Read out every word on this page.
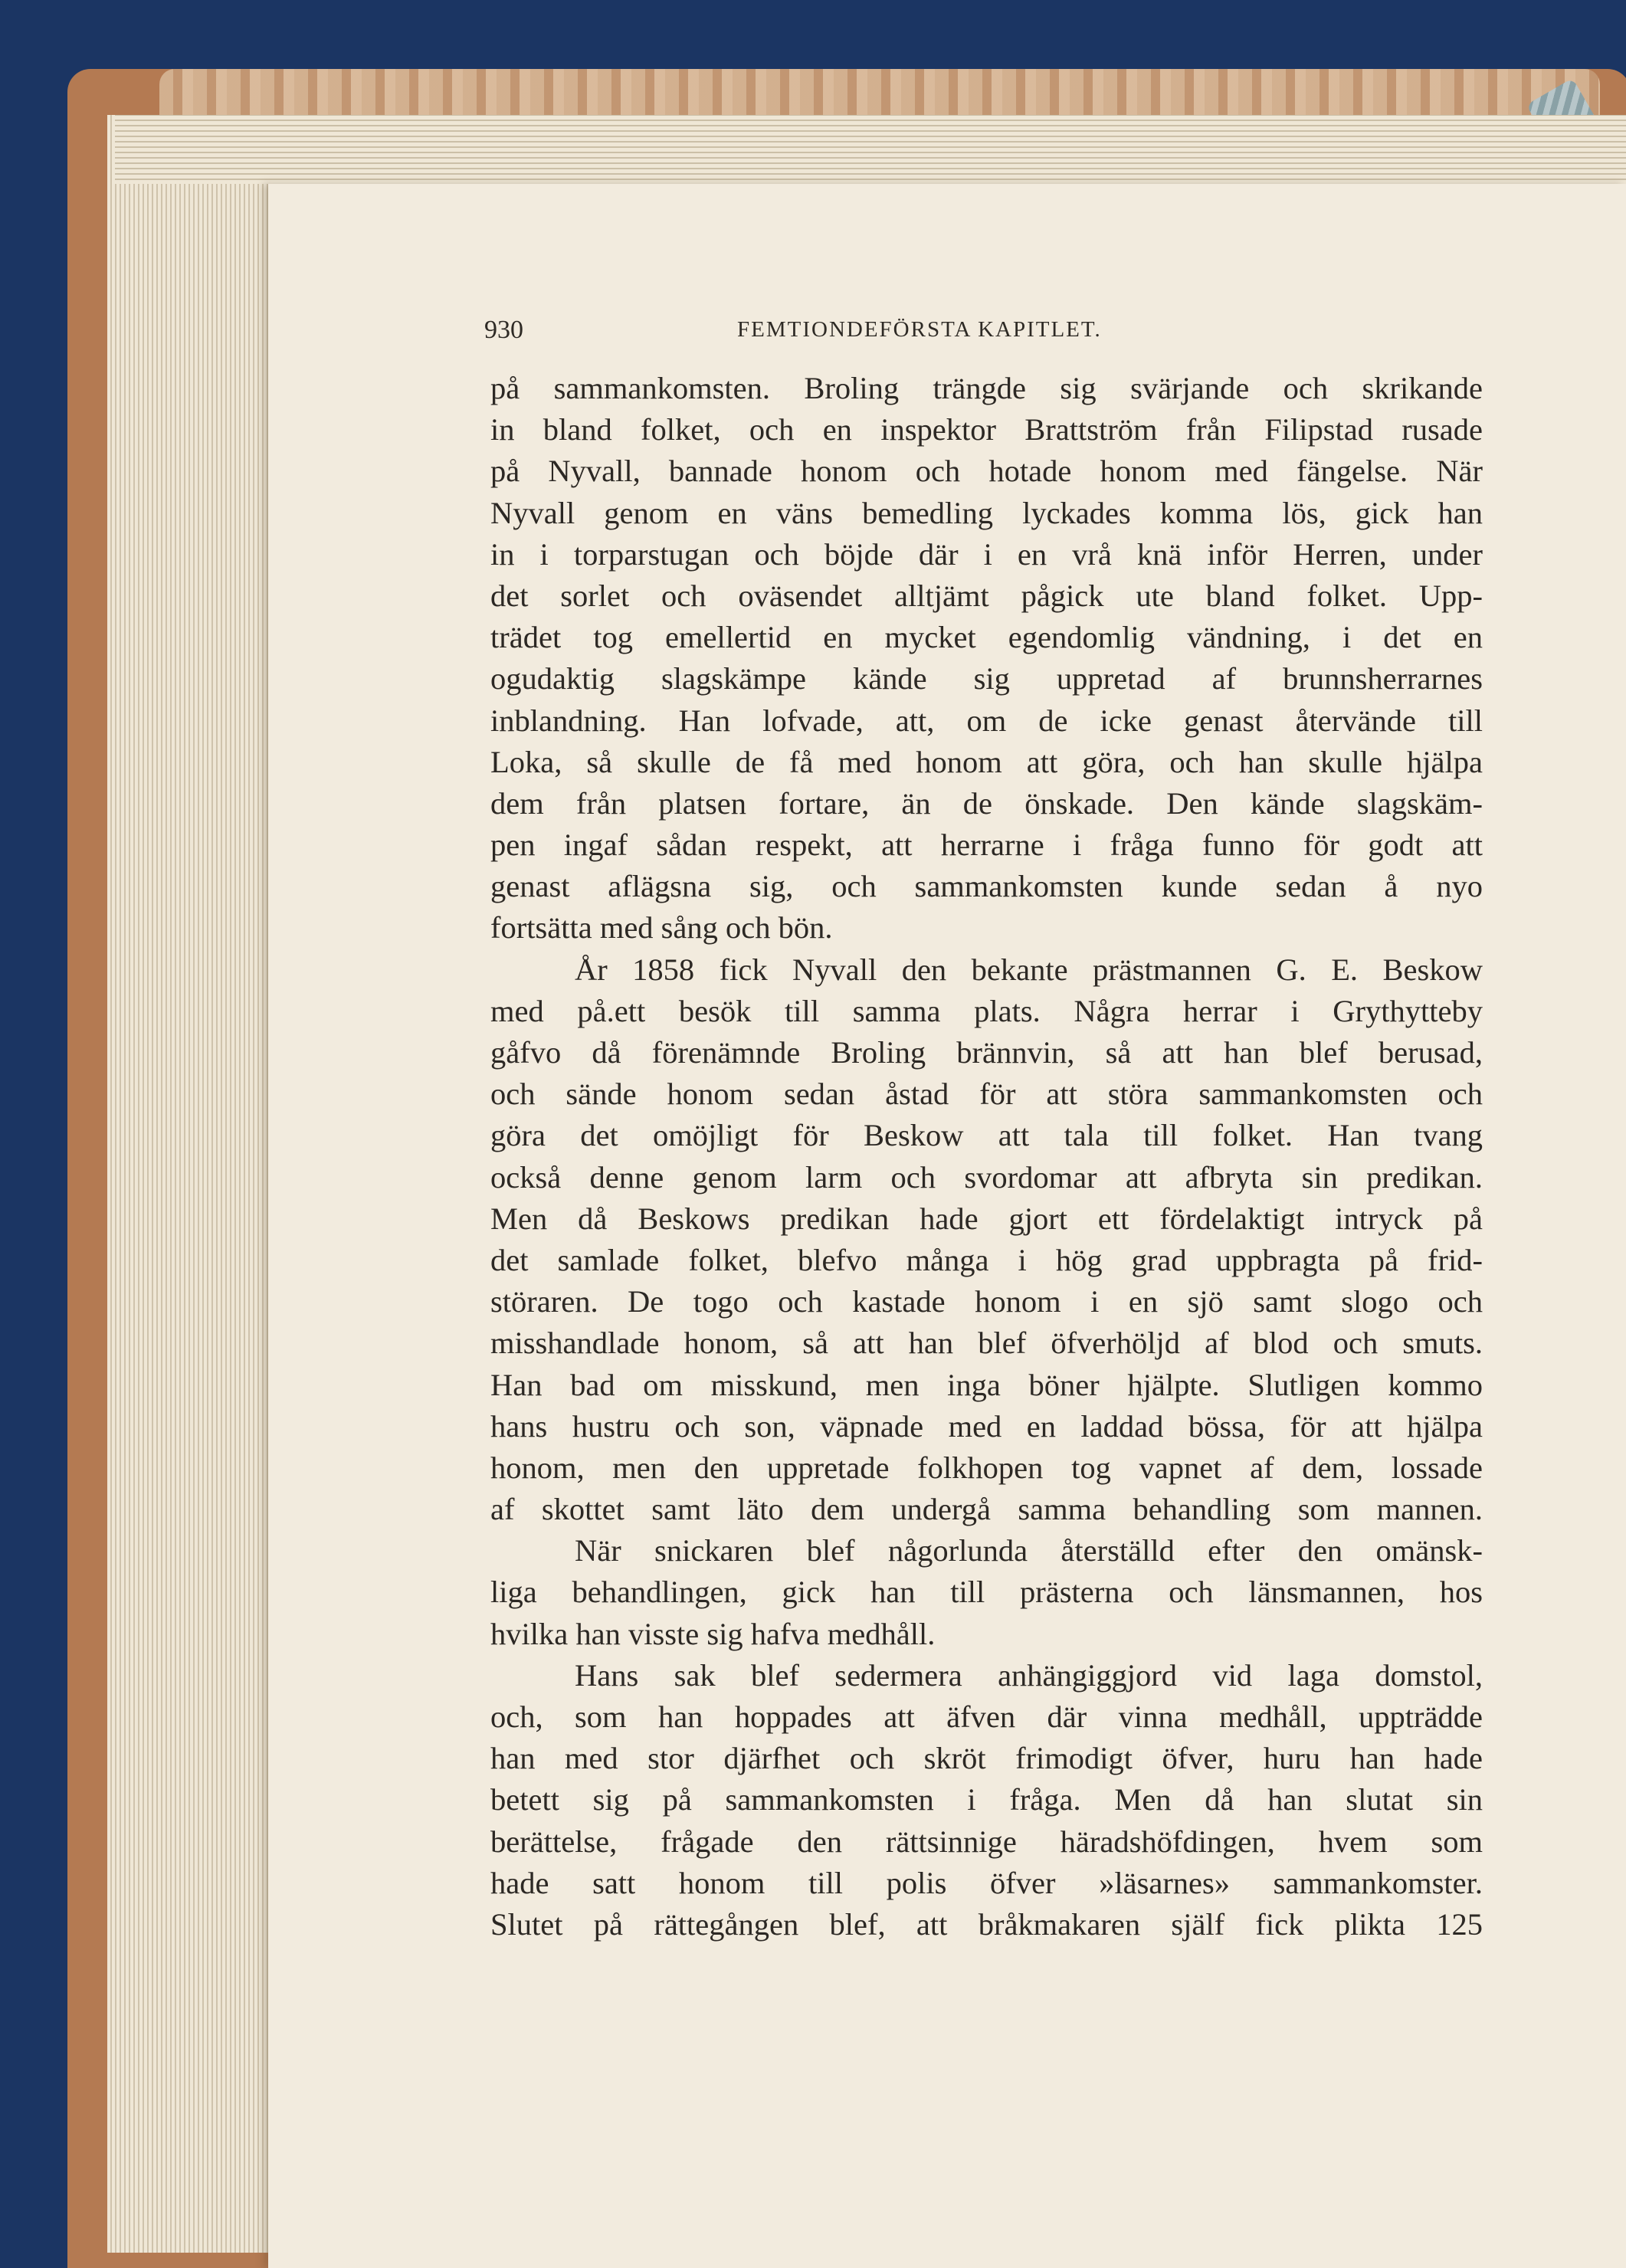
930	FEMTIONDEFÖRSTA KAPITLET.
på sammankomsten. Broling trängde sig svärjande och skrikande
in bland folket, och en inspektor Brattström från Filipstad rusade
på Nyvall, bannade honom och hotade honom med fängelse. När
Nyvall genom en väns bemedling lyckades komma lös, gick han
in i torparstugan och böjde där i en vrå knä inför Herren, under
det sorlet och oväsendet alltjämt pågick ute bland folket. Upp-
trädet tog emellertid en mycket egendomlig vändning, i det en
ogudaktig slagskämpe kände sig uppretad af brunnsherrarnes
inblandning. Han lofvade, att, om de icke genast återvände till
Loka, så skulle de få med honom att göra, och han skulle hjälpa
dem från platsen fortare, än de önskade. Den kände slagskäm-
pen ingaf sådan respekt, att herrarne i fråga funno för godt att
genast aflägsna sig, och sammankomsten kunde sedan å nyo
fortsätta med sång och bön.
År 1858 fick Nyvall den bekante prästmannen G. E. Beskow
med på.ett besök till samma plats. Några herrar i Grythytteby
gåfvo då förenämnde Broling brännvin, så att han blef berusad,
och sände honom sedan åstad för att störa sammankomsten och
göra det omöjligt för Beskow att tala till folket. Han tvang
också denne genom larm och svordomar att afbryta sin predikan.
Men då Beskows predikan hade gjort ett fördelaktigt intryck på
det samlade folket, blefvo många i hög grad uppbragta på frid-
störaren. De togo och kastade honom i en sjö samt slogo och
misshandlade honom, så att han blef öfverhöljd af blod och smuts.
Han bad om misskund, men inga böner hjälpte. Slutligen kommo
hans hustru och son, väpnade med en laddad bössa, för att hjälpa
honom, men den uppretade folkhopen tog vapnet af dem, lossade
af skottet samt läto dem undergå samma behandling som mannen.
När snickaren blef någorlunda återställd efter den omänsk-
liga behandlingen, gick han till prästerna och länsmannen, hos
hvilka han visste sig hafva medhåll.
Hans sak blef sedermera anhängiggjord vid laga domstol,
och, som han hoppades att äfven där vinna medhåll, uppträdde
han med stor djärfhet och skröt frimodigt öfver, huru han hade
betett sig på sammankomsten i fråga. Men då han slutat sin
berättelse, frågade den rättsinnige häradshöfdingen, hvem som
hade satt honom till polis öfver »läsarnes» sammankomster.
Slutet på rättegången blef, att bråkmakaren själf fick plikta 125
